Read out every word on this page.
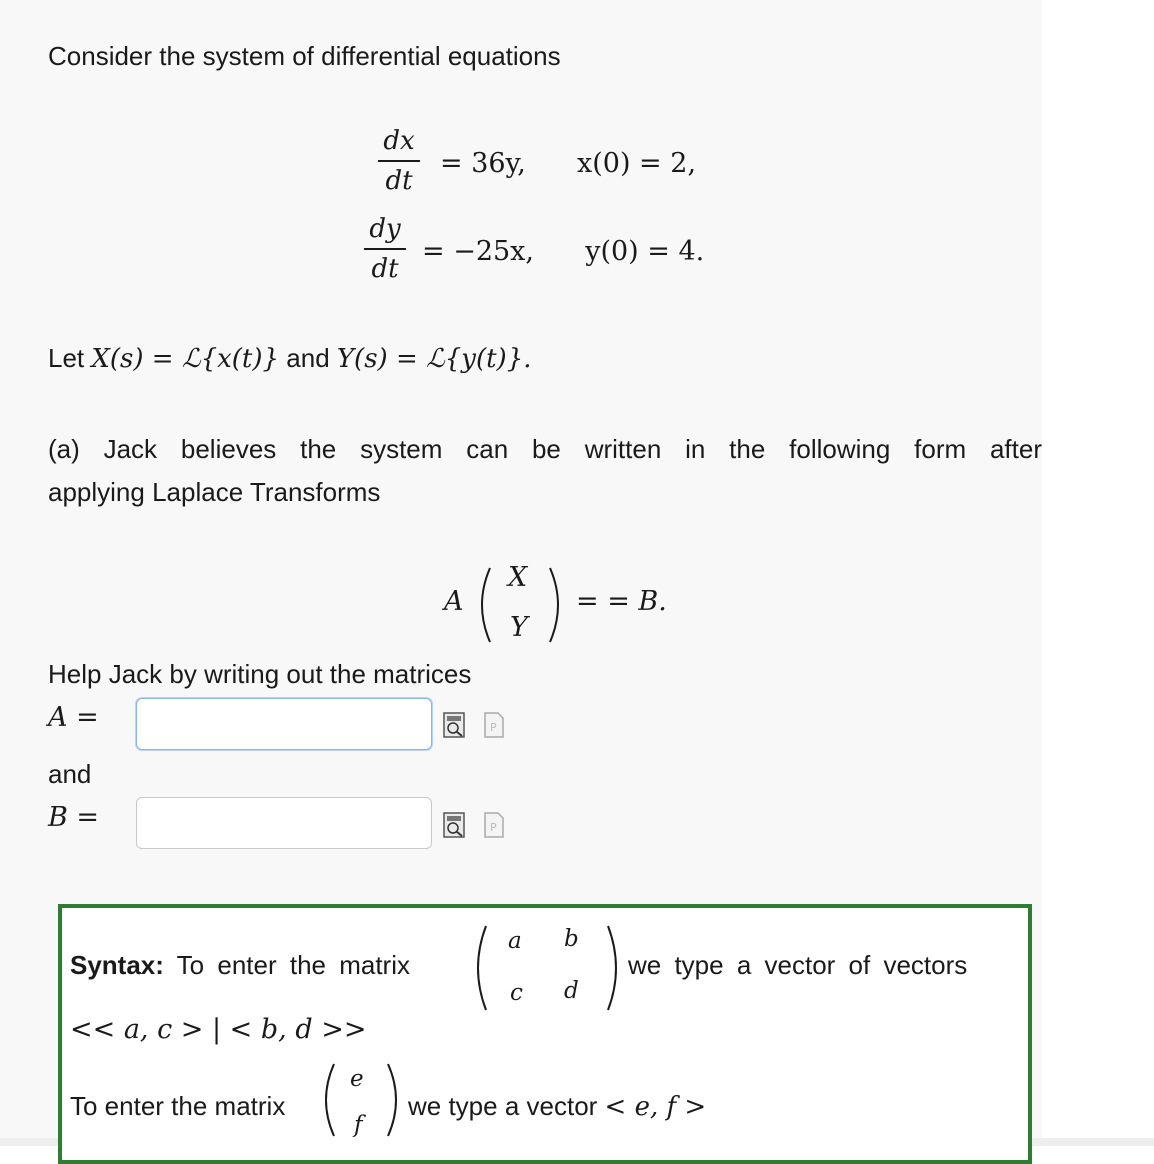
Consider the system of differential equations
dx
dt
= 36y, x(0) = 2,
dy
dt
= −25x, y(0) = 4.
Let X(s) = ℒ{x(t)} and Y(s) = ℒ{y(t)}.
(a) Jack believes the system can be written in the following form after
applying Laplace Transforms
A
X
Y
= = B.
Help Jack by writing out the matrices
A =	P
and
B =	P
Syntax: To enter the matrix
a b
c d
we type a vector of vectors
<< a, c > | < b, d >>
To enter the matrix
e
f
we type a vector < e, f >
